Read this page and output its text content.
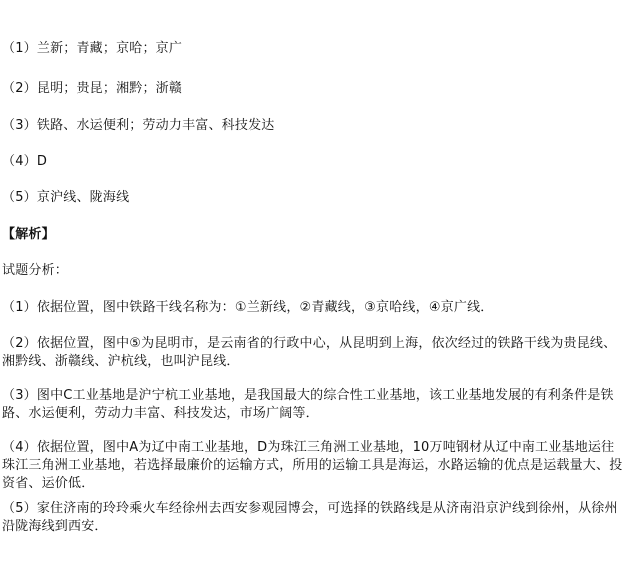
（1）兰新；青藏；京哈；京广
（2）昆明；贵昆；湘黔；浙赣
（3）铁路、水运便利；劳动力丰富、科技发达
（4）D
（5）京沪线、陇海线
【解析】
试题分析：
（1）依据位置，图中铁路干线名称为：①兰新线，②青藏线，③京哈线，④京广线．
（2）依据位置，图中⑤为昆明市，是云南省的行政中心，从昆明到上海，依次经过的铁路干线为贵昆线、湘黔线、浙赣线、沪杭线，也叫沪昆线．
（3）图中C工业基地是沪宁杭工业基地，是我国最大的综合性工业基地，该工业基地发展的有利条件是铁路、水运便利，劳动力丰富、科技发达，市场广阔等．
（4）依据位置，图中A为辽中南工业基地，D为珠江三角洲工业基地，10万吨钢材从辽中南工业基地运往珠江三角洲工业基地，若选择最廉价的运输方式，所用的运输工具是海运，水路运输的优点是运载量大、投资省、运价低．
（5）家住济南的玲玲乘火车经徐州去西安参观园博会，可选择的铁路线是从济南沿京沪线到徐州，从徐州沿陇海线到西安．
